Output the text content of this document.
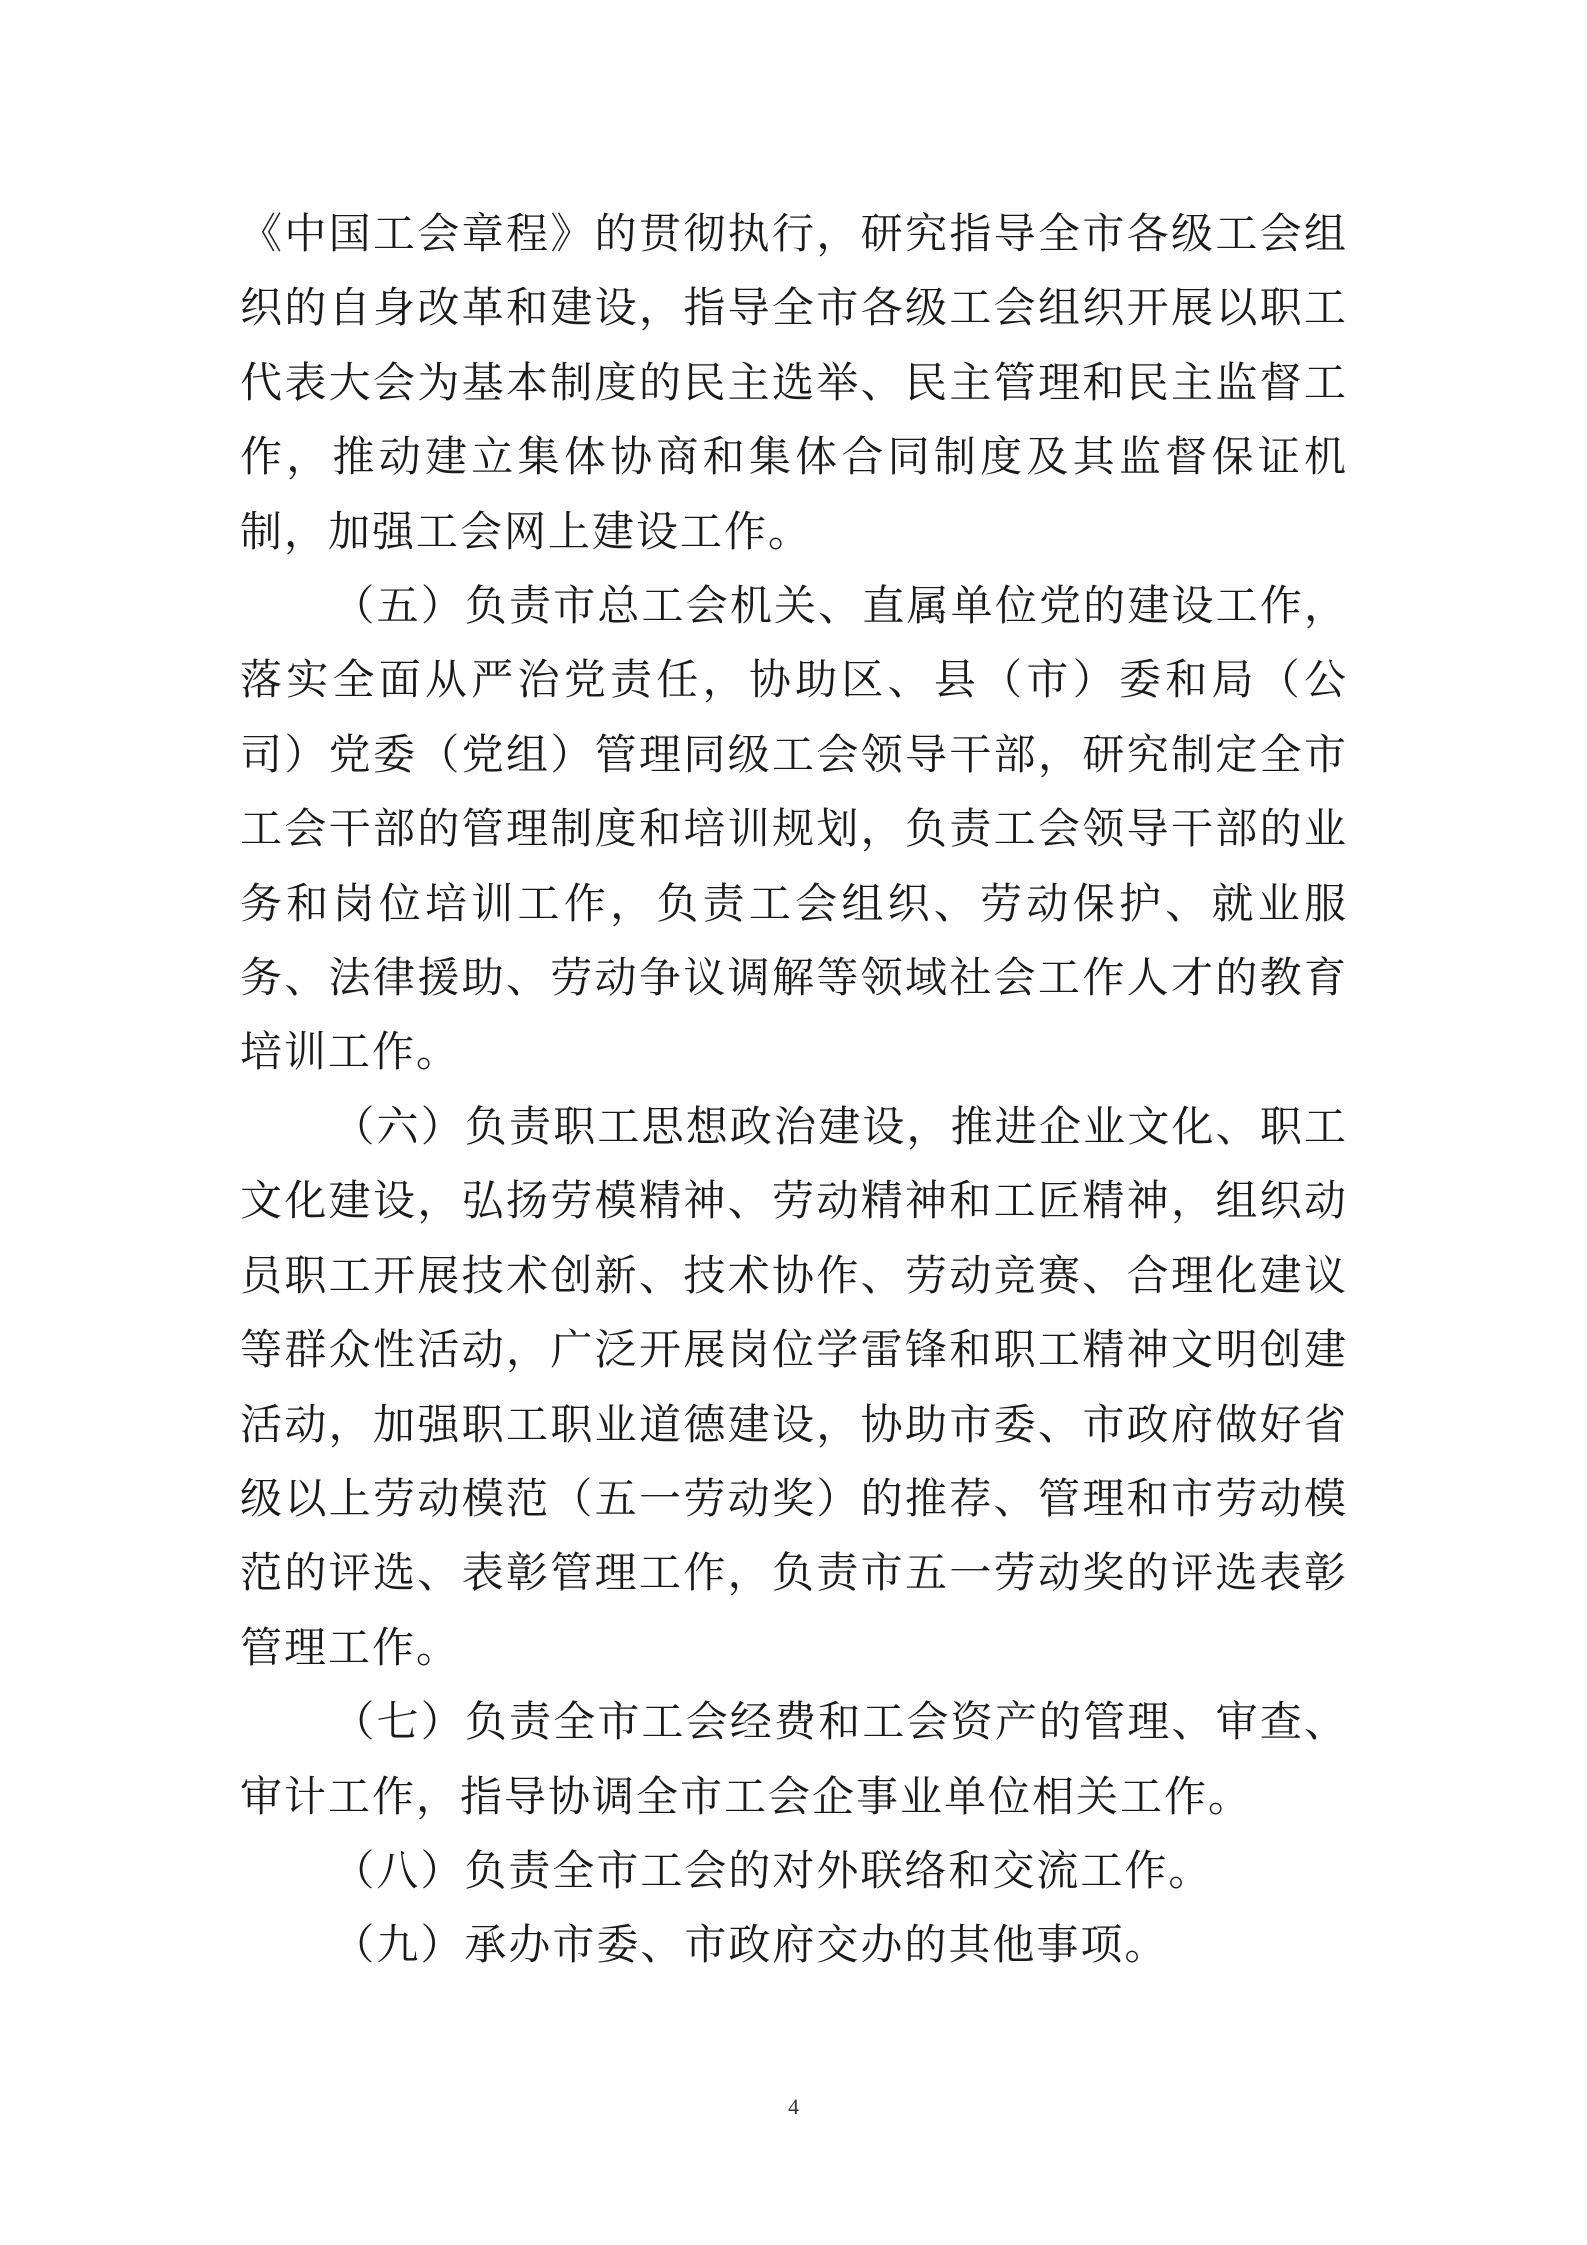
《中国工会章程》的贯彻执行，研究指导全市各级工会组织的自身改革和建设，指导全市各级工会组织开展以职工代表大会为基本制度的民主选举、民主管理和民主监督工作，推动建立集体协商和集体合同制度及其监督保证机制，加强工会网上建设工作。

（五）负责市总工会机关、直属单位党的建设工作，落实全面从严治党责任，协助区、县（市）委和局（公司）党委（党组）管理同级工会领导干部，研究制定全市工会干部的管理制度和培训规划，负责工会领导干部的业务和岗位培训工作，负责工会组织、劳动保护、就业服务、法律援助、劳动争议调解等领域社会工作人才的教育培训工作。

（六）负责职工思想政治建设，推进企业文化、职工文化建设，弘扬劳模精神、劳动精神和工匠精神，组织动员职工开展技术创新、技术协作、劳动竞赛、合理化建议等群众性活动，广泛开展岗位学雷锋和职工精神文明创建活动，加强职工职业道德建设，协助市委、市政府做好省级以上劳动模范（五一劳动奖）的推荐、管理和市劳动模范的评选、表彰管理工作，负责市五一劳动奖的评选表彰管理工作。

（七）负责全市工会经费和工会资产的管理、审查、审计工作，指导协调全市工会企事业单位相关工作。

（八）负责全市工会的对外联络和交流工作。

（九）承办市委、市政府交办的其他事项。

4
